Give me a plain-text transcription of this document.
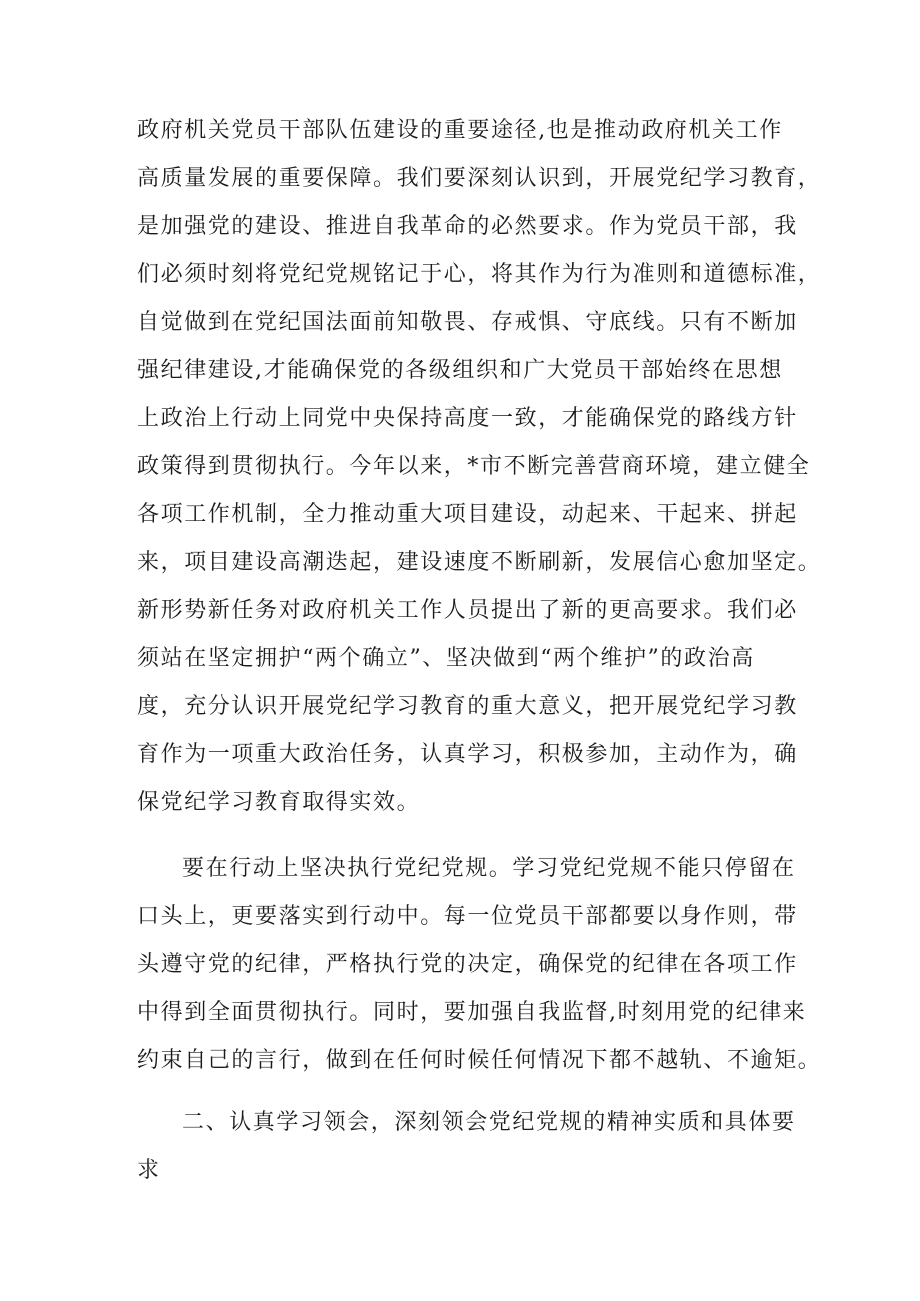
政府机关党员干部队伍建设的重要途径,也是推动政府机关工作

高质量发展的重要保障。我们要深刻认识到，开展党纪学习教育，

是加强党的建设、推进自我革命的必然要求。作为党员干部，我

们必须时刻将党纪党规铭记于心，将其作为行为准则和道德标准，

自觉做到在党纪国法面前知敬畏、存戒惧、守底线。只有不断加

强纪律建设,才能确保党的各级组织和广大党员干部始终在思想

上政治上行动上同党中央保持高度一致，才能确保党的路线方针

政策得到贯彻执行。今年以来，*市不断完善营商环境，建立健全

各项工作机制，全力推动重大项目建设，动起来、干起来、拼起

来，项目建设高潮迭起，建设速度不断刷新，发展信心愈加坚定。

新形势新任务对政府机关工作人员提出了新的更高要求。我们必

须站在坚定拥护“两个确立”、坚决做到“两个维护”的政治高

度，充分认识开展党纪学习教育的重大意义，把开展党纪学习教

育作为一项重大政治任务，认真学习，积极参加，主动作为，确

保党纪学习教育取得实效。

要在行动上坚决执行党纪党规。学习党纪党规不能只停留在

口头上，更要落实到行动中。每一位党员干部都要以身作则，带

头遵守党的纪律，严格执行党的决定，确保党的纪律在各项工作

中得到全面贯彻执行。同时，要加强自我监督,时刻用党的纪律来

约束自己的言行，做到在任何时候任何情况下都不越轨、不逾矩。

二、认真学习领会，深刻领会党纪党规的精神实质和具体要

求
